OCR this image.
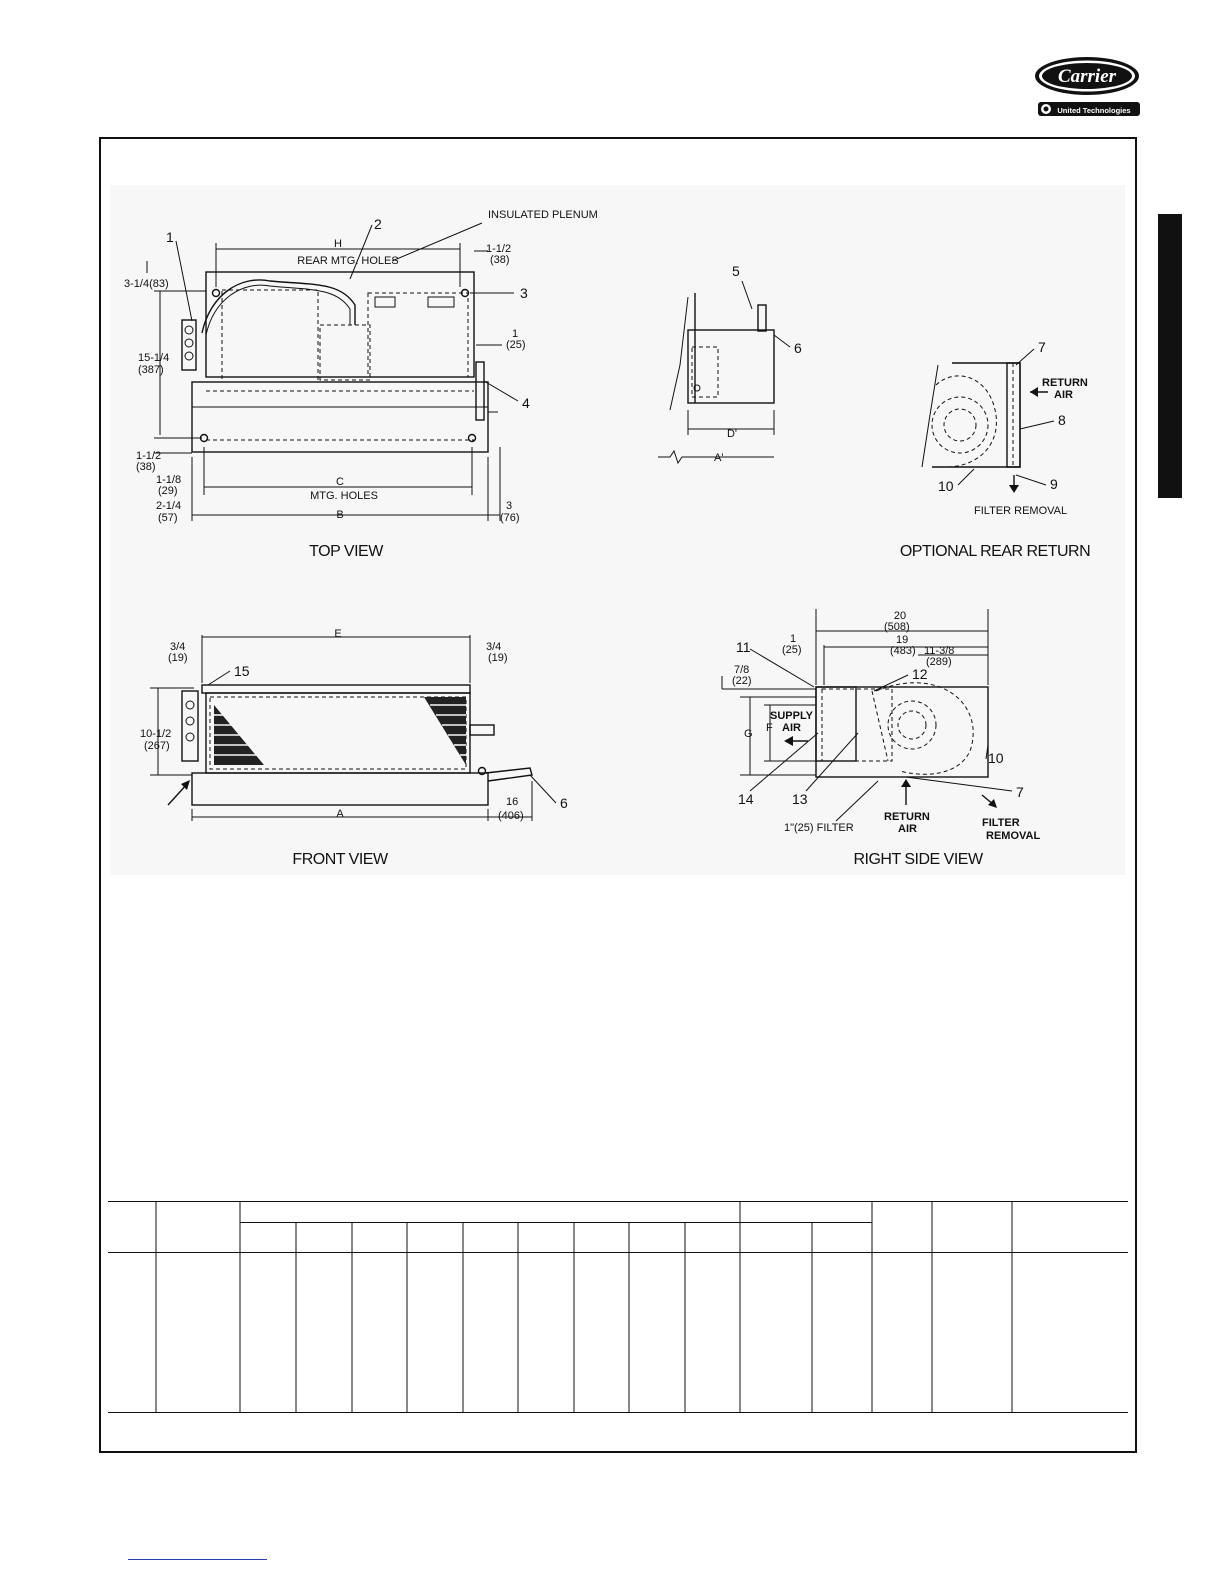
Carrier
United Technologies
H
REAR MTG. HOLES
INSULATED PLENUM
1-1/2
(38)
2
1
3
4
1
(25)
3-1/4(83)
15-1/4
(387)
1-1/2
(38)
C
MTG. HOLES
1-1/8
(29)
B
2-1/4
(57)
3
(76)
TOP VIEW
D'
A'
5
6
RETURN
AIR
7
8
9
10
FILTER REMOVAL
OPTIONAL REAR RETURN
E
3/4
(19)
3/4
(19)
15
10-1/2
(267)
A
16
(406)
6
FRONT VIEW
20
(508)
19
(483) 11-3/8
(289)
1
(25)
11
12
7/8
(22)
G F
SUPPLY
AIR
14	13
10
7
1"(25) FILTER
RETURN
AIR	FILTER
REMOVAL
RIGHT SIDE VIEW
